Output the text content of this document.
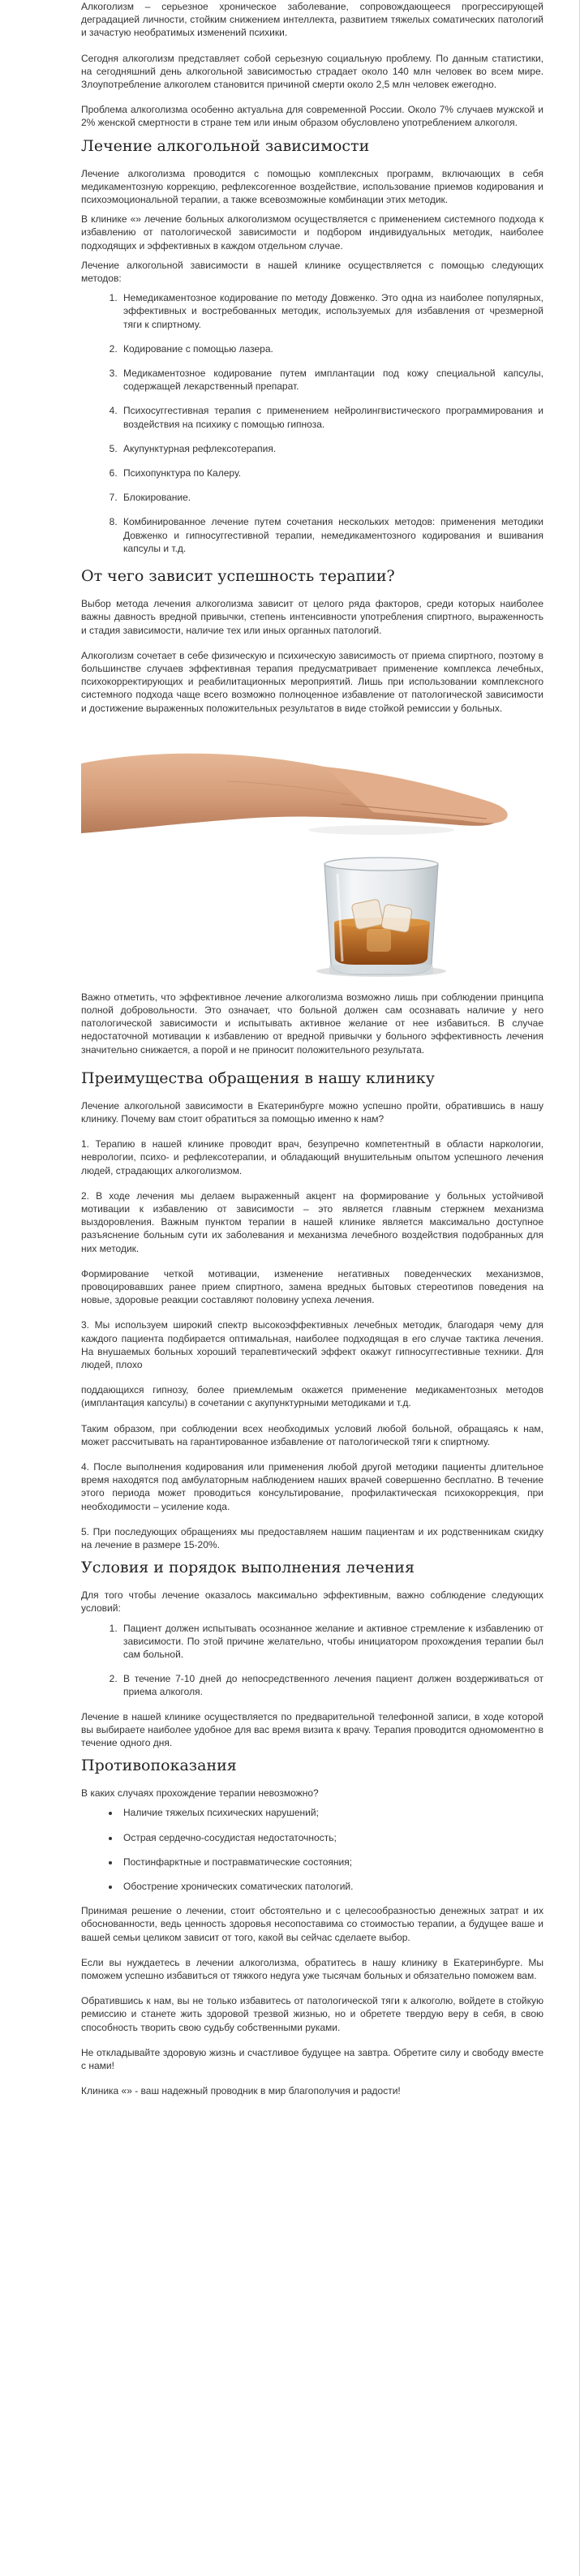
Алкоголизм – серьезное хроническое заболевание, сопровождающееся прогрессирующей деградацией личности, стойким снижением интеллекта, развитием тяжелых соматических патологий и зачастую необратимых изменений психики.

Сегодня алкоголизм представляет собой серьезную социальную проблему. По данным статистики, на сегодняшний день алкогольной зависимостью страдает около 140 млн человек во всем мире. Злоупотребление алкоголем становится причиной смерти около 2,5 млн человек ежегодно.

Проблема алкоголизма особенно актуальна для современной России. Около 7% случаев мужской и 2% женской смертности в стране тем или иным образом обусловлено употреблением алкоголя.

Лечение алкогольной зависимости

Лечение алкоголизма проводится с помощью комплексных программ, включающих в себя медикаментозную коррекцию, рефлексогенное воздействие, использование приемов кодирования и психоэмоциональной терапии, а также всевозможные комбинации этих методик.

В клинике «» лечение больных алкоголизмом осуществляется с применением системного подхода к избавлению от патологической зависимости и подбором индивидуальных методик, наиболее подходящих и эффективных в каждом отдельном случае.

Лечение алкогольной зависимости в нашей клинике осуществляется с помощью следующих методов:

1. Немедикаментозное кодирование по методу Довженко. Это одна из наиболее популярных, эффективных и востребованных методик, используемых для избавления от чрезмерной тяги к спиртному.
2. Кодирование с помощью лазера.
3. Медикаментозное кодирование путем имплантации под кожу специальной капсулы, содержащей лекарственный препарат.
4. Психосуггестивная терапия с применением нейролингвистического программирования и воздействия на психику с помощью гипноза.
5. Акупунктурная рефлексотерапия.
6. Психопунктура по Калеру.
7. Блокирование.
8. Комбинированное лечение путем сочетания нескольких методов: применения методики Довженко и гипносуггестивной терапии, немедикаментозного кодирования и вшивания капсулы и т.д.
От чего зависит успешность терапии?

Выбор метода лечения алкоголизма зависит от целого ряда факторов, среди которых наиболее важны давность вредной привычки, степень интенсивности употребления спиртного, выраженность и стадия зависимости, наличие тех или иных органных патологий.

Алкоголизм сочетает в себе физическую и психическую зависимость от приема спиртного, поэтому в большинстве случаев эффективная терапия предусматривает применение комплекса лечебных, психокорректирующих и реабилитационных мероприятий. Лишь при использовании комплексного системного подхода чаще всего возможно полноценное избавление от патологической зависимости и достижение выраженных положительных результатов в виде стойкой ремиссии у больных.

Важно отметить, что эффективное лечение алкоголизма возможно лишь при соблюдении принципа полной добровольности. Это означает, что больной должен сам осознавать наличие у него патологической зависимости и испытывать активное желание от нее избавиться. В случае недостаточной мотивации к избавлению от вредной привычки у больного эффективность лечения значительно снижается, а порой и не приносит положительного результата.

Преимущества обращения в нашу клинику

Лечение алкогольной зависимости в Екатеринбурге можно успешно пройти, обратившись в нашу клинику. Почему вам стоит обратиться за помощью именно к нам?

1. Терапию в нашей клинике проводит врач, безупречно компетентный в области наркологии, неврологии, психо- и рефлексотерапии, и обладающий внушительным опытом успешного лечения людей, страдающих алкоголизмом.

2. В ходе лечения мы делаем выраженный акцент на формирование у больных устойчивой мотивации к избавлению от зависимости – это является главным стержнем механизма выздоровления. Важным пунктом терапии в нашей клинике является максимально доступное разъяснение больным сути их заболевания и механизма лечебного воздействия подобранных для них методик.

Формирование четкой мотивации, изменение негативных поведенческих механизмов, провоцировавших ранее прием спиртного, замена вредных бытовых стереотипов поведения на новые, здоровые реакции составляют половину успеха лечения.

3. Мы используем широкий спектр высокоэффективных лечебных методик, благодаря чему для каждого пациента подбирается оптимальная, наиболее подходящая в его случае тактика лечения. На внушаемых больных хороший терапевтический эффект окажут гипносуггестивные техники. Для людей, плохо

поддающихся гипнозу, более приемлемым окажется применение медикаментозных методов (имплантация капсулы) в сочетании с акупунктурными методиками и т.д.

Таким образом, при соблюдении всех необходимых условий любой больной, обращаясь к нам, может рассчитывать на гарантированное избавление от патологической тяги к спиртному.

4. После выполнения кодирования или применения любой другой методики пациенты длительное время находятся под амбулаторным наблюдением наших врачей совершенно бесплатно. В течение этого периода может проводиться консультирование, профилактическая психокоррекция, при необходимости – усиление кода.

5. При последующих обращениях мы предоставляем нашим пациентам и их родственникам скидку на лечение в размере 15-20%.

Условия и порядок выполнения лечения

Для того чтобы лечение оказалось максимально эффективным, важно соблюдение следующих условий:

1. Пациент должен испытывать осознанное желание и активное стремление к избавлению от зависимости. По этой причине желательно, чтобы инициатором прохождения терапии был сам больной.
2. В течение 7-10 дней до непосредственного лечения пациент должен воздерживаться от приема алкоголя.

Лечение в нашей клинике осуществляется по предварительной телефонной записи, в ходе которой вы выбираете наиболее удобное для вас время визита к врачу. Терапия проводится одномоментно в течение одного дня.

Противопоказания

В каких случаях прохождение терапии невозможно?

• Наличие тяжелых психических нарушений;
• Острая сердечно-сосудистая недостаточность;
• Постинфарктные и постравматические состояния;
• Обострение хронических соматических патологий.

Принимая решение о лечении, стоит обстоятельно и с целесообразностью денежных затрат и их обоснованности, ведь ценность здоровья несопоставима со стоимостью терапии, а будущее ваше и вашей семьи целиком зависит от того, какой вы сейчас сделаете выбор.

Если вы нуждаетесь в лечении алкоголизма, обратитесь в нашу клинику в Екатеринбурге. Мы поможем успешно избавиться от тяжкого недуга уже тысячам больных и обязательно поможем вам.

Обратившись к нам, вы не только избавитесь от патологической тяги к алкоголю, войдете в стойкую ремиссию и станете жить здоровой трезвой жизнью, но и обретете твердую веру в себя, в свою способность творить свою судьбу собственными руками.

Не откладывайте здоровую жизнь и счастливое будущее на завтра. Обретите силу и свободу вместе с нами!

Клиника «» - ваш надежный проводник в мир благополучия и радости!
